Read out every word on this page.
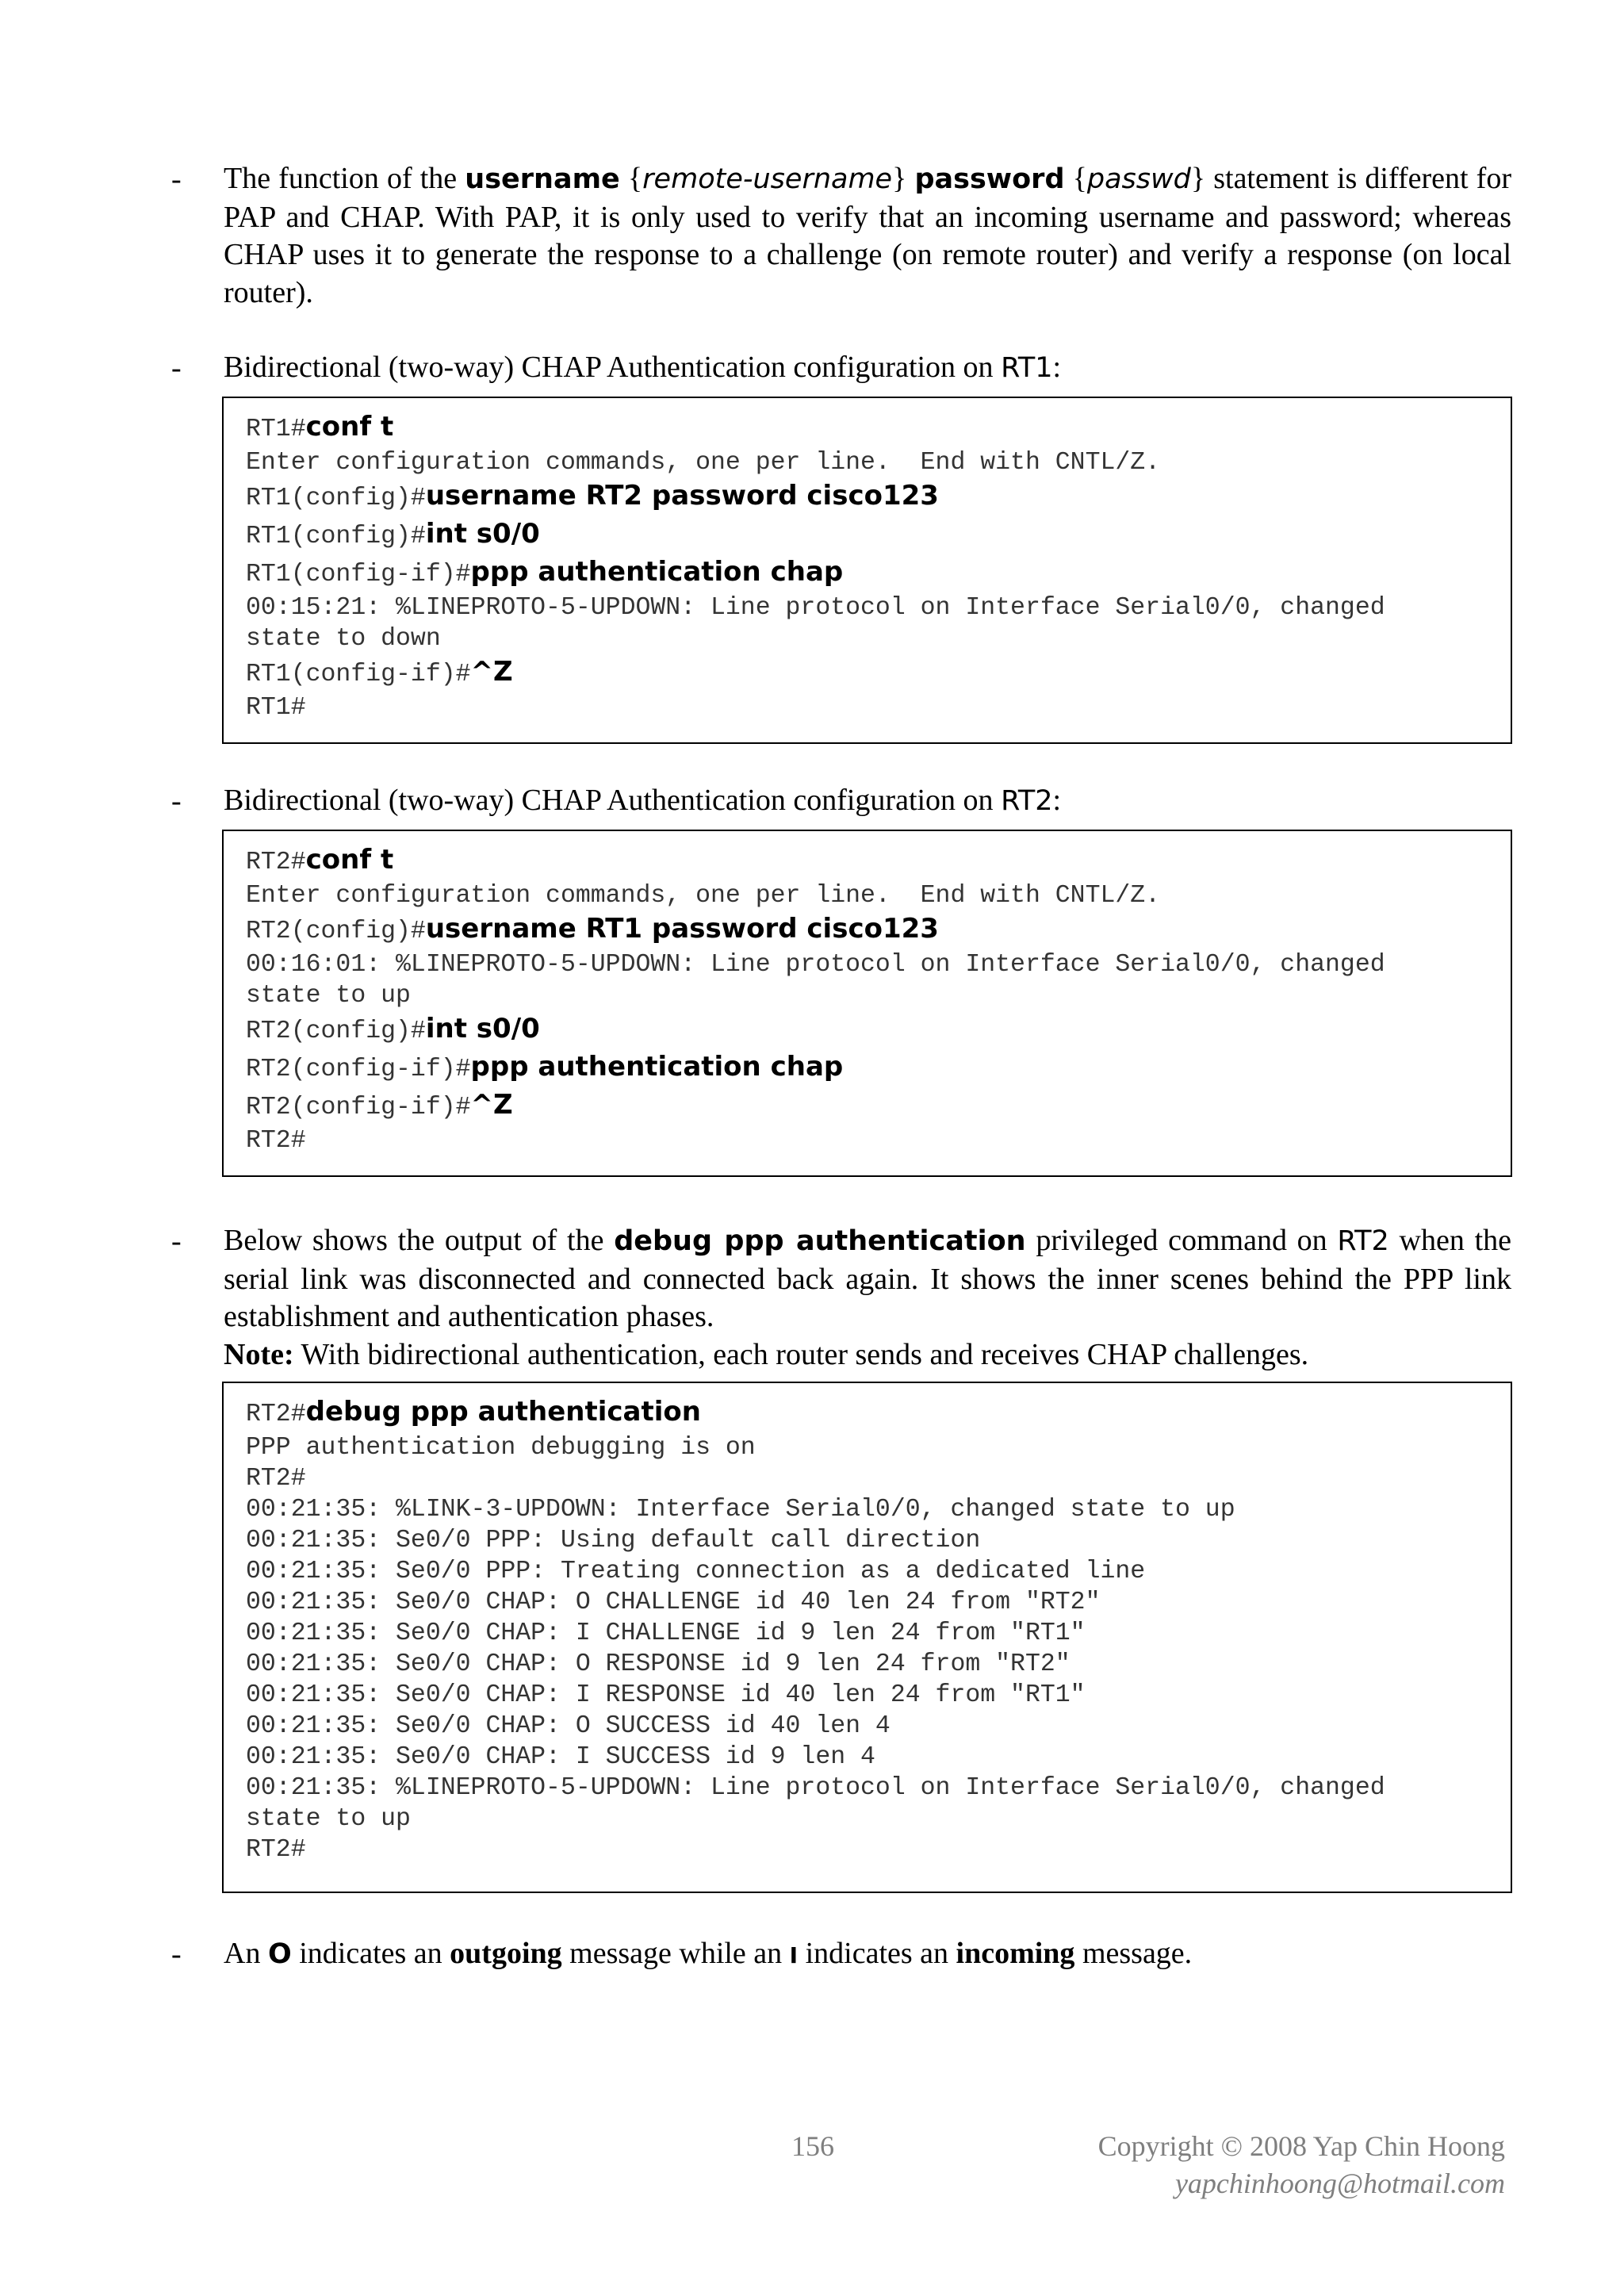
- The function of the username {remote-username} password {passwd} statement is different for PAP and CHAP. With PAP, it is only used to verify that an incoming username and password; whereas CHAP uses it to generate the response to a challenge (on remote router) and verify a response (on local router).
- Bidirectional (two-way) CHAP Authentication configuration on RT1:
RT1#conf t
Enter configuration commands, one per line.  End with CNTL/Z.
RT1(config)#username RT2 password cisco123
RT1(config)#int s0/0
RT1(config-if)#ppp authentication chap
00:15:21: %LINEPROTO-5-UPDOWN: Line protocol on Interface Serial0/0, changed
state to down
RT1(config-if)#^Z
RT1#
- Bidirectional (two-way) CHAP Authentication configuration on RT2:
RT2#conf t
Enter configuration commands, one per line.  End with CNTL/Z.
RT2(config)#username RT1 password cisco123
00:16:01: %LINEPROTO-5-UPDOWN: Line protocol on Interface Serial0/0, changed
state to up
RT2(config)#int s0/0
RT2(config-if)#ppp authentication chap
RT2(config-if)#^Z
RT2#
- Below shows the output of the debug ppp authentication privileged command on RT2 when the serial link was disconnected and connected back again. It shows the inner scenes behind the PPP link establishment and authentication phases.
Note: With bidirectional authentication, each router sends and receives CHAP challenges.
RT2#debug ppp authentication
PPP authentication debugging is on
RT2#
00:21:35: %LINK-3-UPDOWN: Interface Serial0/0, changed state to up
00:21:35: Se0/0 PPP: Using default call direction
00:21:35: Se0/0 PPP: Treating connection as a dedicated line
00:21:35: Se0/0 CHAP: O CHALLENGE id 40 len 24 from "RT2"
00:21:35: Se0/0 CHAP: I CHALLENGE id 9 len 24 from "RT1"
00:21:35: Se0/0 CHAP: O RESPONSE id 9 len 24 from "RT2"
00:21:35: Se0/0 CHAP: I RESPONSE id 40 len 24 from "RT1"
00:21:35: Se0/0 CHAP: O SUCCESS id 40 len 4
00:21:35: Se0/0 CHAP: I SUCCESS id 9 len 4
00:21:35: %LINEPROTO-5-UPDOWN: Line protocol on Interface Serial0/0, changed
state to up
RT2#
- An O indicates an outgoing message while an I indicates an incoming message.
156	Copyright © 2008 Yap Chin Hoong
yapchinhoong@hotmail.com
